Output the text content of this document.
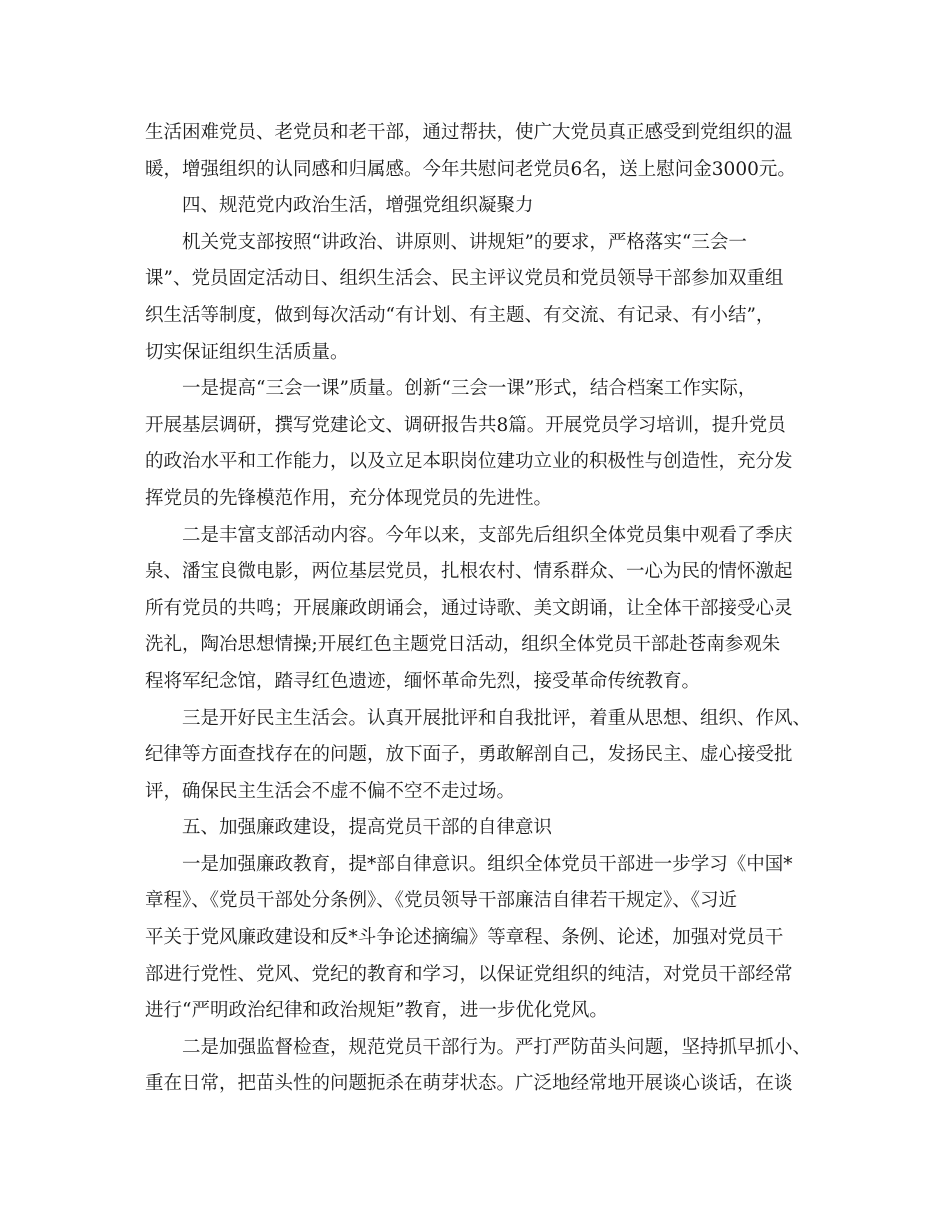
生活困难党员、老党员和老干部，通过帮扶，使广大党员真正感受到党组织的温
暖，增强组织的认同感和归属感。今年共慰问老党员6名，送上慰问金3000元。
四、规范党内政治生活，增强党组织凝聚力
机关党支部按照“讲政治、讲原则、讲规矩”的要求，严格落实“三会一
课”、党员固定活动日、组织生活会、民主评议党员和党员领导干部参加双重组
织生活等制度，做到每次活动“有计划、有主题、有交流、有记录、有小结”，
切实保证组织生活质量。
一是提高“三会一课”质量。创新“三会一课”形式，结合档案工作实际，
开展基层调研，撰写党建论文、调研报告共8篇。开展党员学习培训，提升党员
的政治水平和工作能力，以及立足本职岗位建功立业的积极性与创造性，充分发
挥党员的先锋模范作用，充分体现党员的先进性。
二是丰富支部活动内容。今年以来，支部先后组织全体党员集中观看了季庆
泉、潘宝良微电影，两位基层党员，扎根农村、情系群众、一心为民的情怀激起
所有党员的共鸣；开展廉政朗诵会，通过诗歌、美文朗诵，让全体干部接受心灵
洗礼，陶冶思想情操;开展红色主题党日活动，组织全体党员干部赴苍南参观朱
程将军纪念馆，踏寻红色遗迹，缅怀革命先烈，接受革命传统教育。
三是开好民主生活会。认真开展批评和自我批评，着重从思想、组织、作风、
纪律等方面查找存在的问题，放下面子，勇敢解剖自己，发扬民主、虚心接受批
评，确保民主生活会不虚不偏不空不走过场。
五、加强廉政建设，提高党员干部的自律意识
一是加强廉政教育，提*部自律意识。组织全体党员干部进一步学习《中国*
章程》、《党员干部处分条例》、《党员领导干部廉洁自律若干规定》、《习近
平关于党风廉政建设和反*斗争论述摘编》等章程、条例、论述，加强对党员干
部进行党性、党风、党纪的教育和学习，以保证党组织的纯洁，对党员干部经常
进行“严明政治纪律和政治规矩”教育，进一步优化党风。
二是加强监督检查，规范党员干部行为。严打严防苗头问题，坚持抓早抓小、
重在日常，把苗头性的问题扼杀在萌芽状态。广泛地经常地开展谈心谈话，在谈
